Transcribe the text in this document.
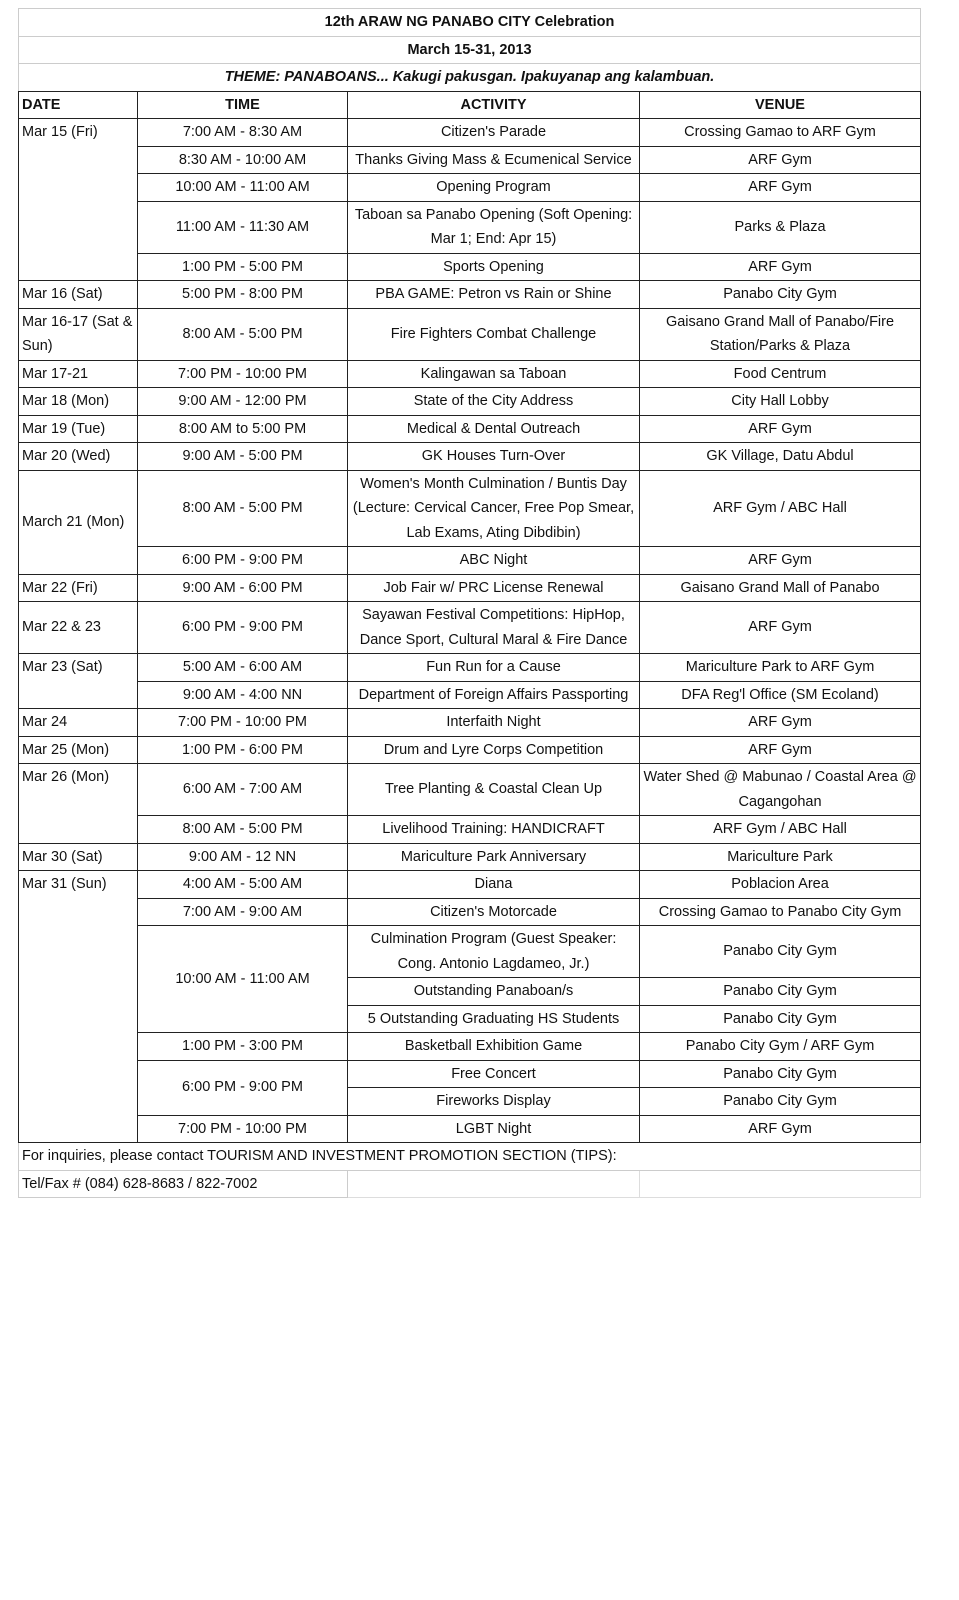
12th ARAW NG PANABO CITY Celebration			
March 15-31, 2013			
THEME: PANABOANS... Kakugi pakusgan. Ipakuyanap ang kalambuan.			
DATE	TIME	ACTIVITY	VENUE
Mar 15 (Fri)	7:00 AM - 8:30 AM	Citizen's Parade	Crossing Gamao to ARF Gym
	8:30 AM - 10:00 AM	Thanks Giving Mass & Ecumenical Service	ARF Gym
	10:00 AM - 11:00 AM	Opening Program	ARF Gym
	11:00 AM - 11:30 AM	Taboan sa Panabo Opening (Soft Opening: Mar 1; End: Apr 15)	Parks & Plaza
	1:00 PM - 5:00 PM	Sports Opening	ARF Gym
Mar 16 (Sat)	5:00 PM - 8:00 PM	PBA GAME: Petron vs Rain or Shine	Panabo City Gym
Mar 16-17 (Sat & Sun)	8:00 AM - 5:00 PM	Fire Fighters Combat Challenge	Gaisano Grand Mall of Panabo/Fire Station/Parks & Plaza
Mar 17-21	7:00 PM - 10:00 PM	Kalingawan sa Taboan	Food Centrum
Mar 18 (Mon)	9:00 AM - 12:00 PM	State of the City Address	City Hall Lobby
Mar 19 (Tue)	8:00 AM to 5:00 PM	Medical & Dental Outreach	ARF Gym
Mar 20 (Wed)	9:00 AM - 5:00 PM	GK Houses Turn-Over	GK Village, Datu Abdul
March 21 (Mon)	8:00 AM - 5:00 PM	Women's Month Culmination / Buntis Day (Lecture: Cervical Cancer, Free Pop Smear, Lab Exams, Ating Dibdibin)	ARF Gym / ABC Hall
	6:00 PM - 9:00 PM	ABC Night	ARF Gym
Mar 22 (Fri)	9:00 AM - 6:00 PM	Job Fair w/ PRC License Renewal	Gaisano Grand Mall of Panabo
Mar 22 & 23	6:00 PM - 9:00 PM	Sayawan Festival Competitions: HipHop, Dance Sport, Cultural Maral & Fire Dance	ARF Gym
Mar 23 (Sat)	5:00 AM - 6:00 AM	Fun Run for a Cause	Mariculture Park to ARF Gym
	9:00 AM - 4:00 NN	Department of Foreign Affairs Passporting	DFA Reg'l Office (SM Ecoland)
Mar 24	7:00 PM - 10:00 PM	Interfaith Night	ARF Gym
Mar 25 (Mon)	1:00 PM - 6:00 PM	Drum and Lyre Corps Competition	ARF Gym
Mar 26 (Mon)	6:00 AM - 7:00 AM	Tree Planting & Coastal Clean Up	Water Shed @ Mabunao / Coastal Area @ Cagangohan
	8:00 AM - 5:00 PM	Livelihood Training: HANDICRAFT	ARF Gym / ABC Hall
Mar 30 (Sat)	9:00 AM - 12 NN	Mariculture Park Anniversary	Mariculture Park
Mar 31 (Sun)	4:00 AM - 5:00 AM	Diana	Poblacion Area
	7:00 AM - 9:00 AM	Citizen's Motorcade	Crossing Gamao to Panabo City Gym
	10:00 AM - 11:00 AM	Culmination Program (Guest Speaker: Cong. Antonio Lagdameo, Jr.)	Panabo City Gym
		Outstanding Panaboan/s	Panabo City Gym
		5 Outstanding Graduating HS Students	Panabo City Gym
	1:00 PM - 3:00 PM	Basketball Exhibition Game	Panabo City Gym / ARF Gym
	6:00 PM - 9:00 PM	Free Concert	Panabo City Gym
		Fireworks Display	Panabo City Gym
	7:00 PM - 10:00 PM	LGBT Night	ARF Gym
For inquiries, please contact TOURISM AND INVESTMENT PROMOTION SECTION (TIPS):			
Tel/Fax # (084) 628-8683 / 822-7002			
